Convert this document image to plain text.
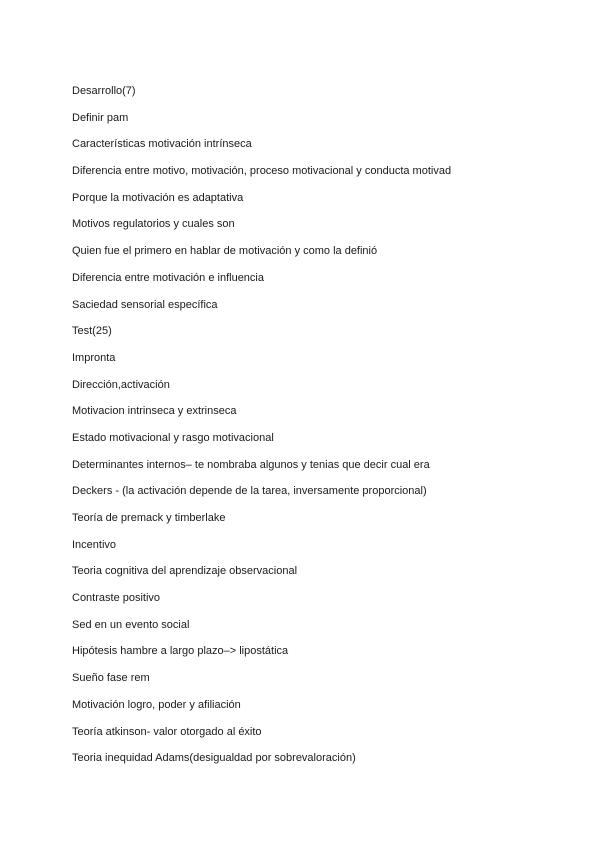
Desarrollo(7)
Definir pam
Características motivación intrínseca
Diferencia entre motivo, motivación, proceso motivacional y conducta motivad
Porque la motivación es adaptativa
Motivos regulatorios y cuales son
Quien fue el primero en hablar de motivación y como la definió
Diferencia entre motivación e influencia
Saciedad sensorial específica
Test(25)
Impronta
Dirección,activación
Motivacion intrinseca y extrinseca
Estado motivacional y rasgo motivacional
Determinantes internos– te nombraba algunos y tenias que decir cual era
Deckers - (la activación depende de la tarea, inversamente proporcional)
Teoría de premack y timberlake
Incentivo
Teoria cognitiva del aprendizaje observacional
Contraste positivo
Sed en un evento social
Hipótesis hambre a largo plazo–> lipostática
Sueño fase rem
Motivación logro, poder y afiliación
Teoría atkinson- valor otorgado al éxito
Teoria inequidad Adams(desigualdad por sobrevaloración)
